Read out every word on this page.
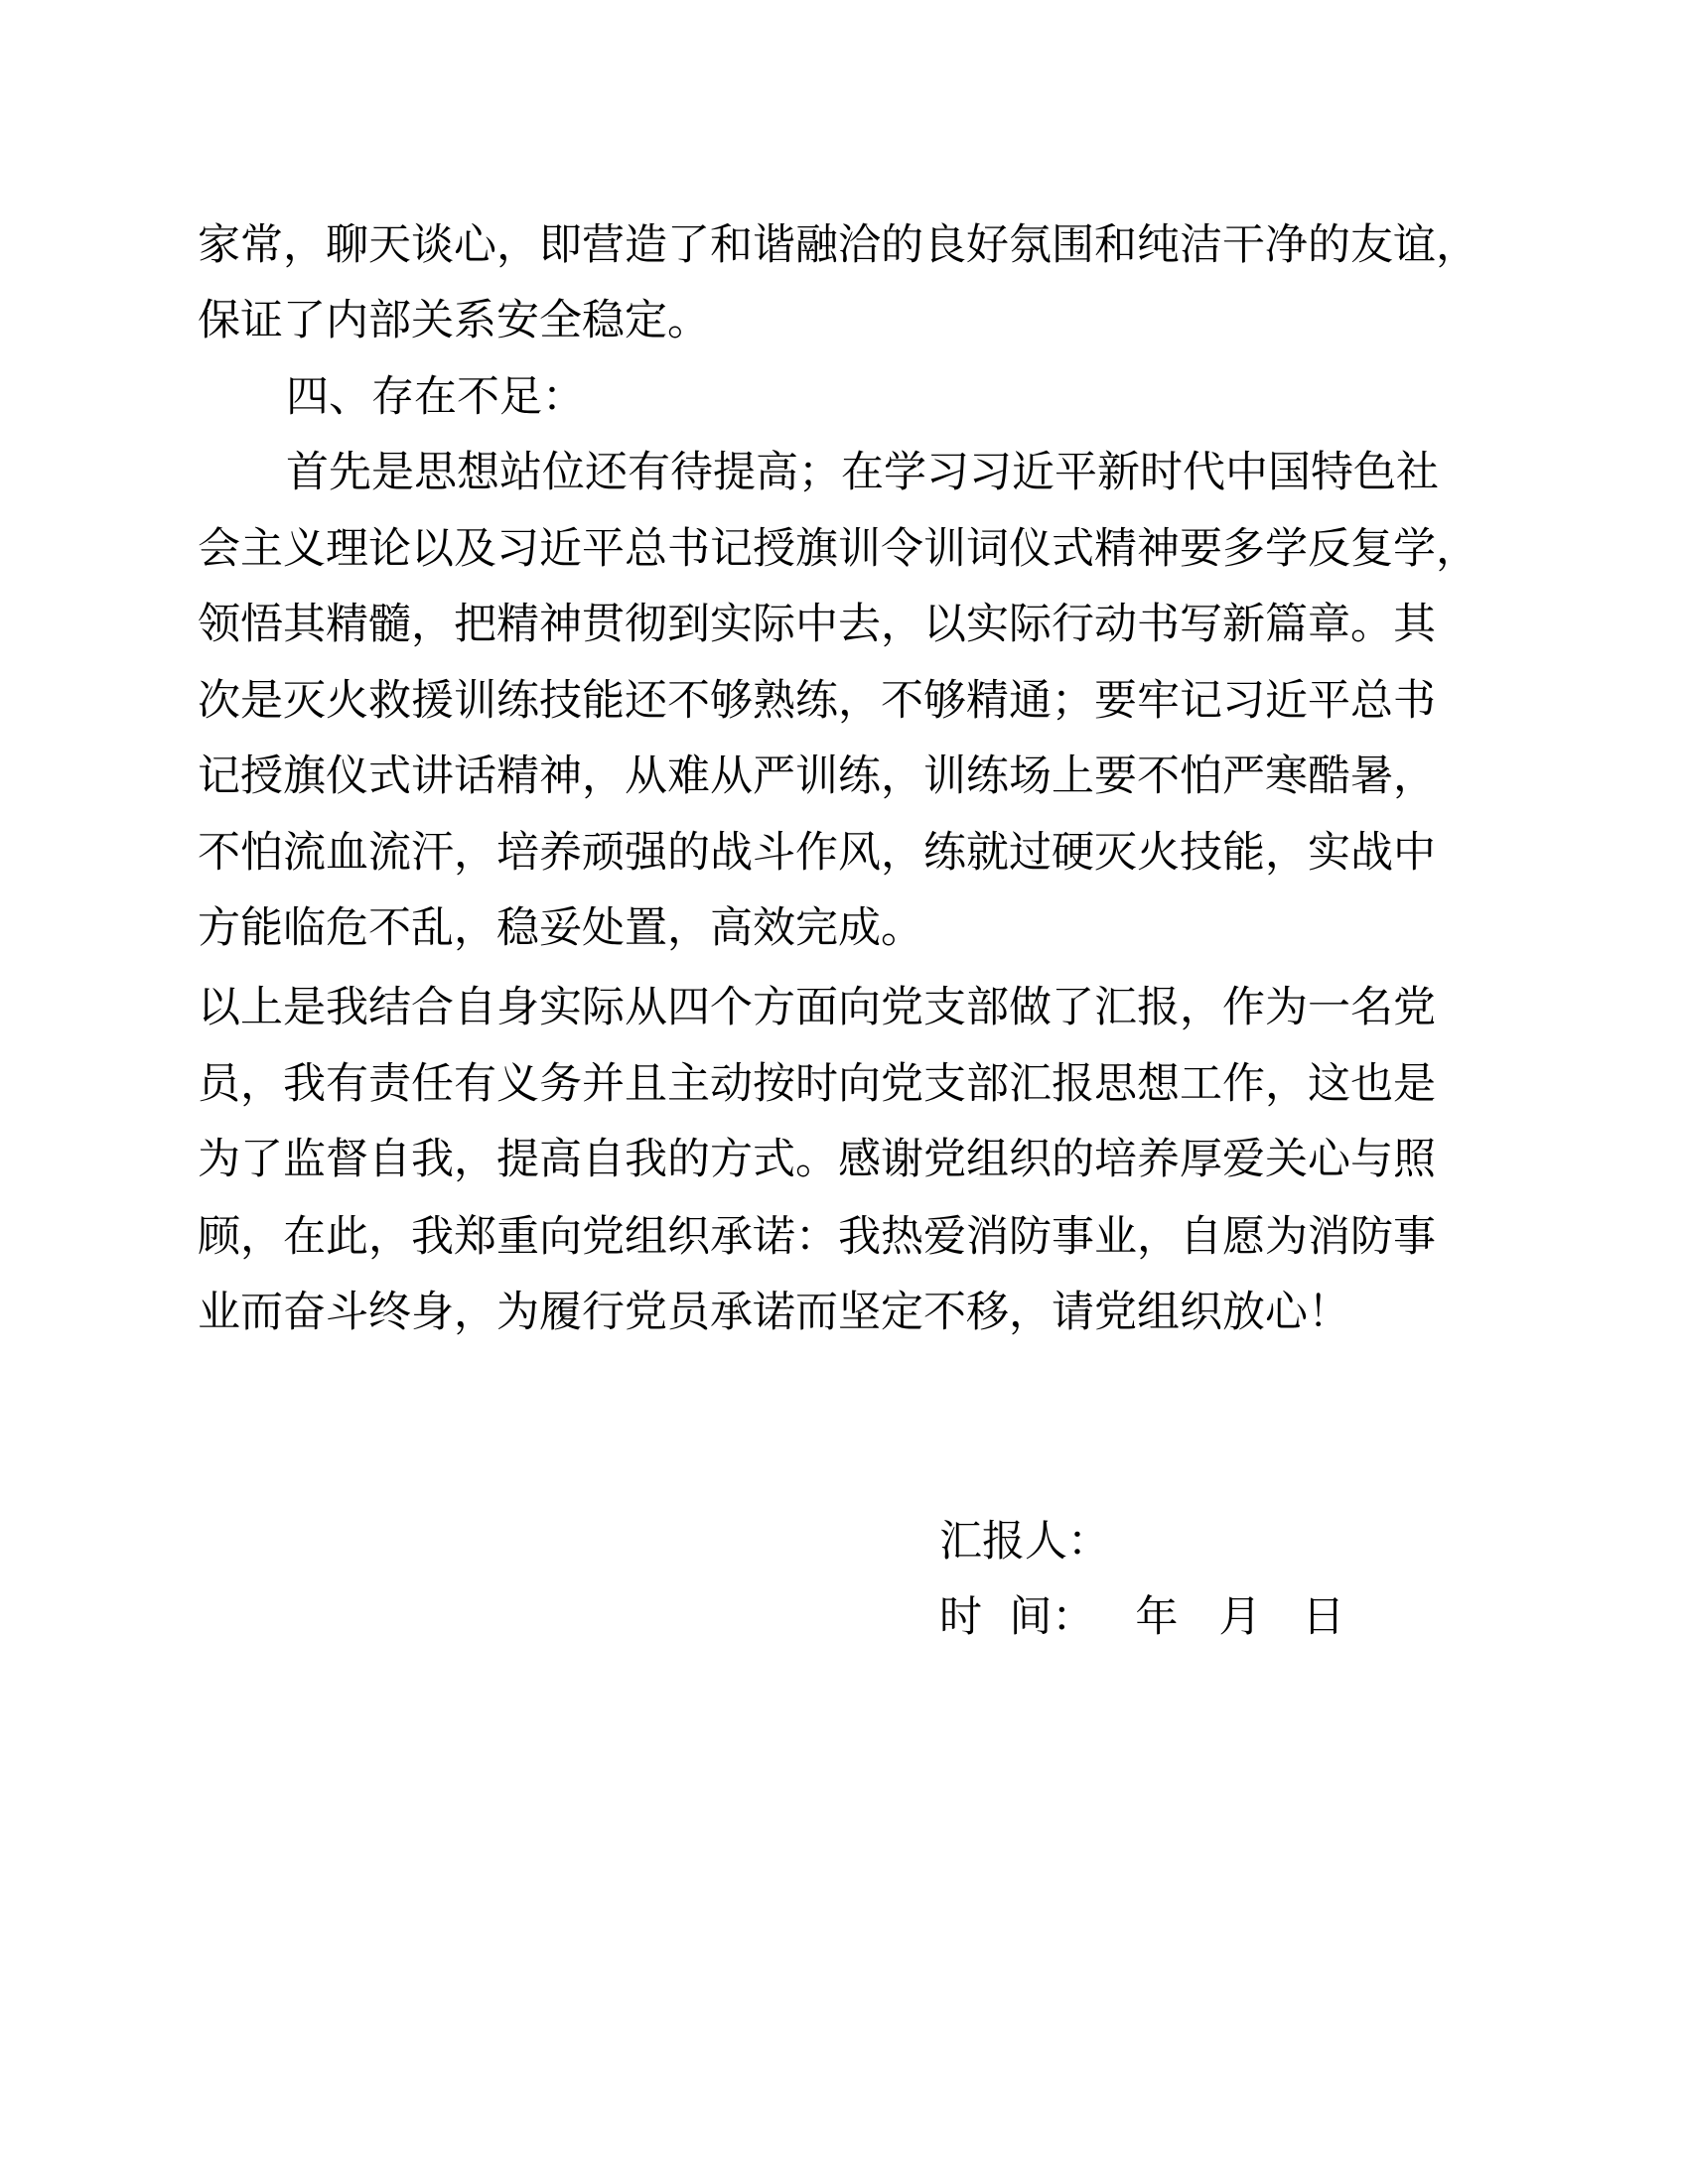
家常，聊天谈心，即营造了和谐融洽的良好氛围和纯洁干净的友谊，
保证了内部关系安全稳定。
四、存在不足：
首先是思想站位还有待提高；在学习习近平新时代中国特色社
会主义理论以及习近平总书记授旗训令训词仪式精神要多学反复学，
领悟其精髓，把精神贯彻到实际中去，以实际行动书写新篇章。其
次是灭火救援训练技能还不够熟练，不够精通；要牢记习近平总书
记授旗仪式讲话精神，从难从严训练，训练场上要不怕严寒酷暑，
不怕流血流汗，培养顽强的战斗作风，练就过硬灭火技能，实战中
方能临危不乱，稳妥处置，高效完成。
以上是我结合自身实际从四个方面向党支部做了汇报，作为一名党
员，我有责任有义务并且主动按时向党支部汇报思想工作，这也是
为了监督自我，提高自我的方式。感谢党组织的培养厚爱关心与照
顾，在此，我郑重向党组织承诺：我热爱消防事业，自愿为消防事
业而奋斗终身，为履行党员承诺而坚定不移，请党组织放心！
汇报人：
时  间：   年   月   日
